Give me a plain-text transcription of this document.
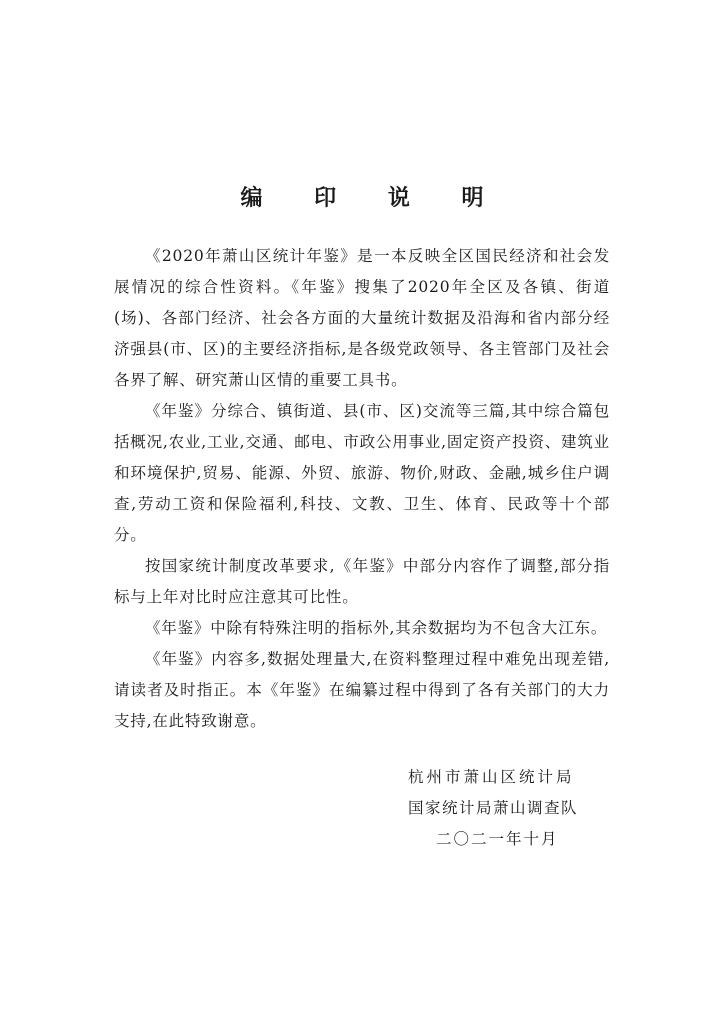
编 印 说 明

《2020年萧山区统计年鉴》是一本反映全区国民经济和社会发展情况的综合性资料。《年鉴》搜集了2020年全区及各镇、街道(场)、各部门经济、社会各方面的大量统计数据及沿海和省内部分经济强县(市、区)的主要经济指标,是各级党政领导、各主管部门及社会各界了解、研究萧山区情的重要工具书。

《年鉴》分综合、镇街道、县(市、区)交流等三篇,其中综合篇包括概况,农业,工业,交通、邮电、市政公用事业,固定资产投资、建筑业和环境保护,贸易、能源、外贸、旅游、物价,财政、金融,城乡住户调查,劳动工资和保险福利,科技、文教、卫生、体育、民政等十个部分。

按国家统计制度改革要求,《年鉴》中部分内容作了调整,部分指标与上年对比时应注意其可比性。

《年鉴》中除有特殊注明的指标外,其余数据均为不包含大江东。

《年鉴》内容多,数据处理量大,在资料整理过程中难免出现差错,请读者及时指正。本《年鉴》在编纂过程中得到了各有关部门的大力支持,在此特致谢意。

杭州市萧山区统计局
国家统计局萧山调查队
二〇二一年十月
